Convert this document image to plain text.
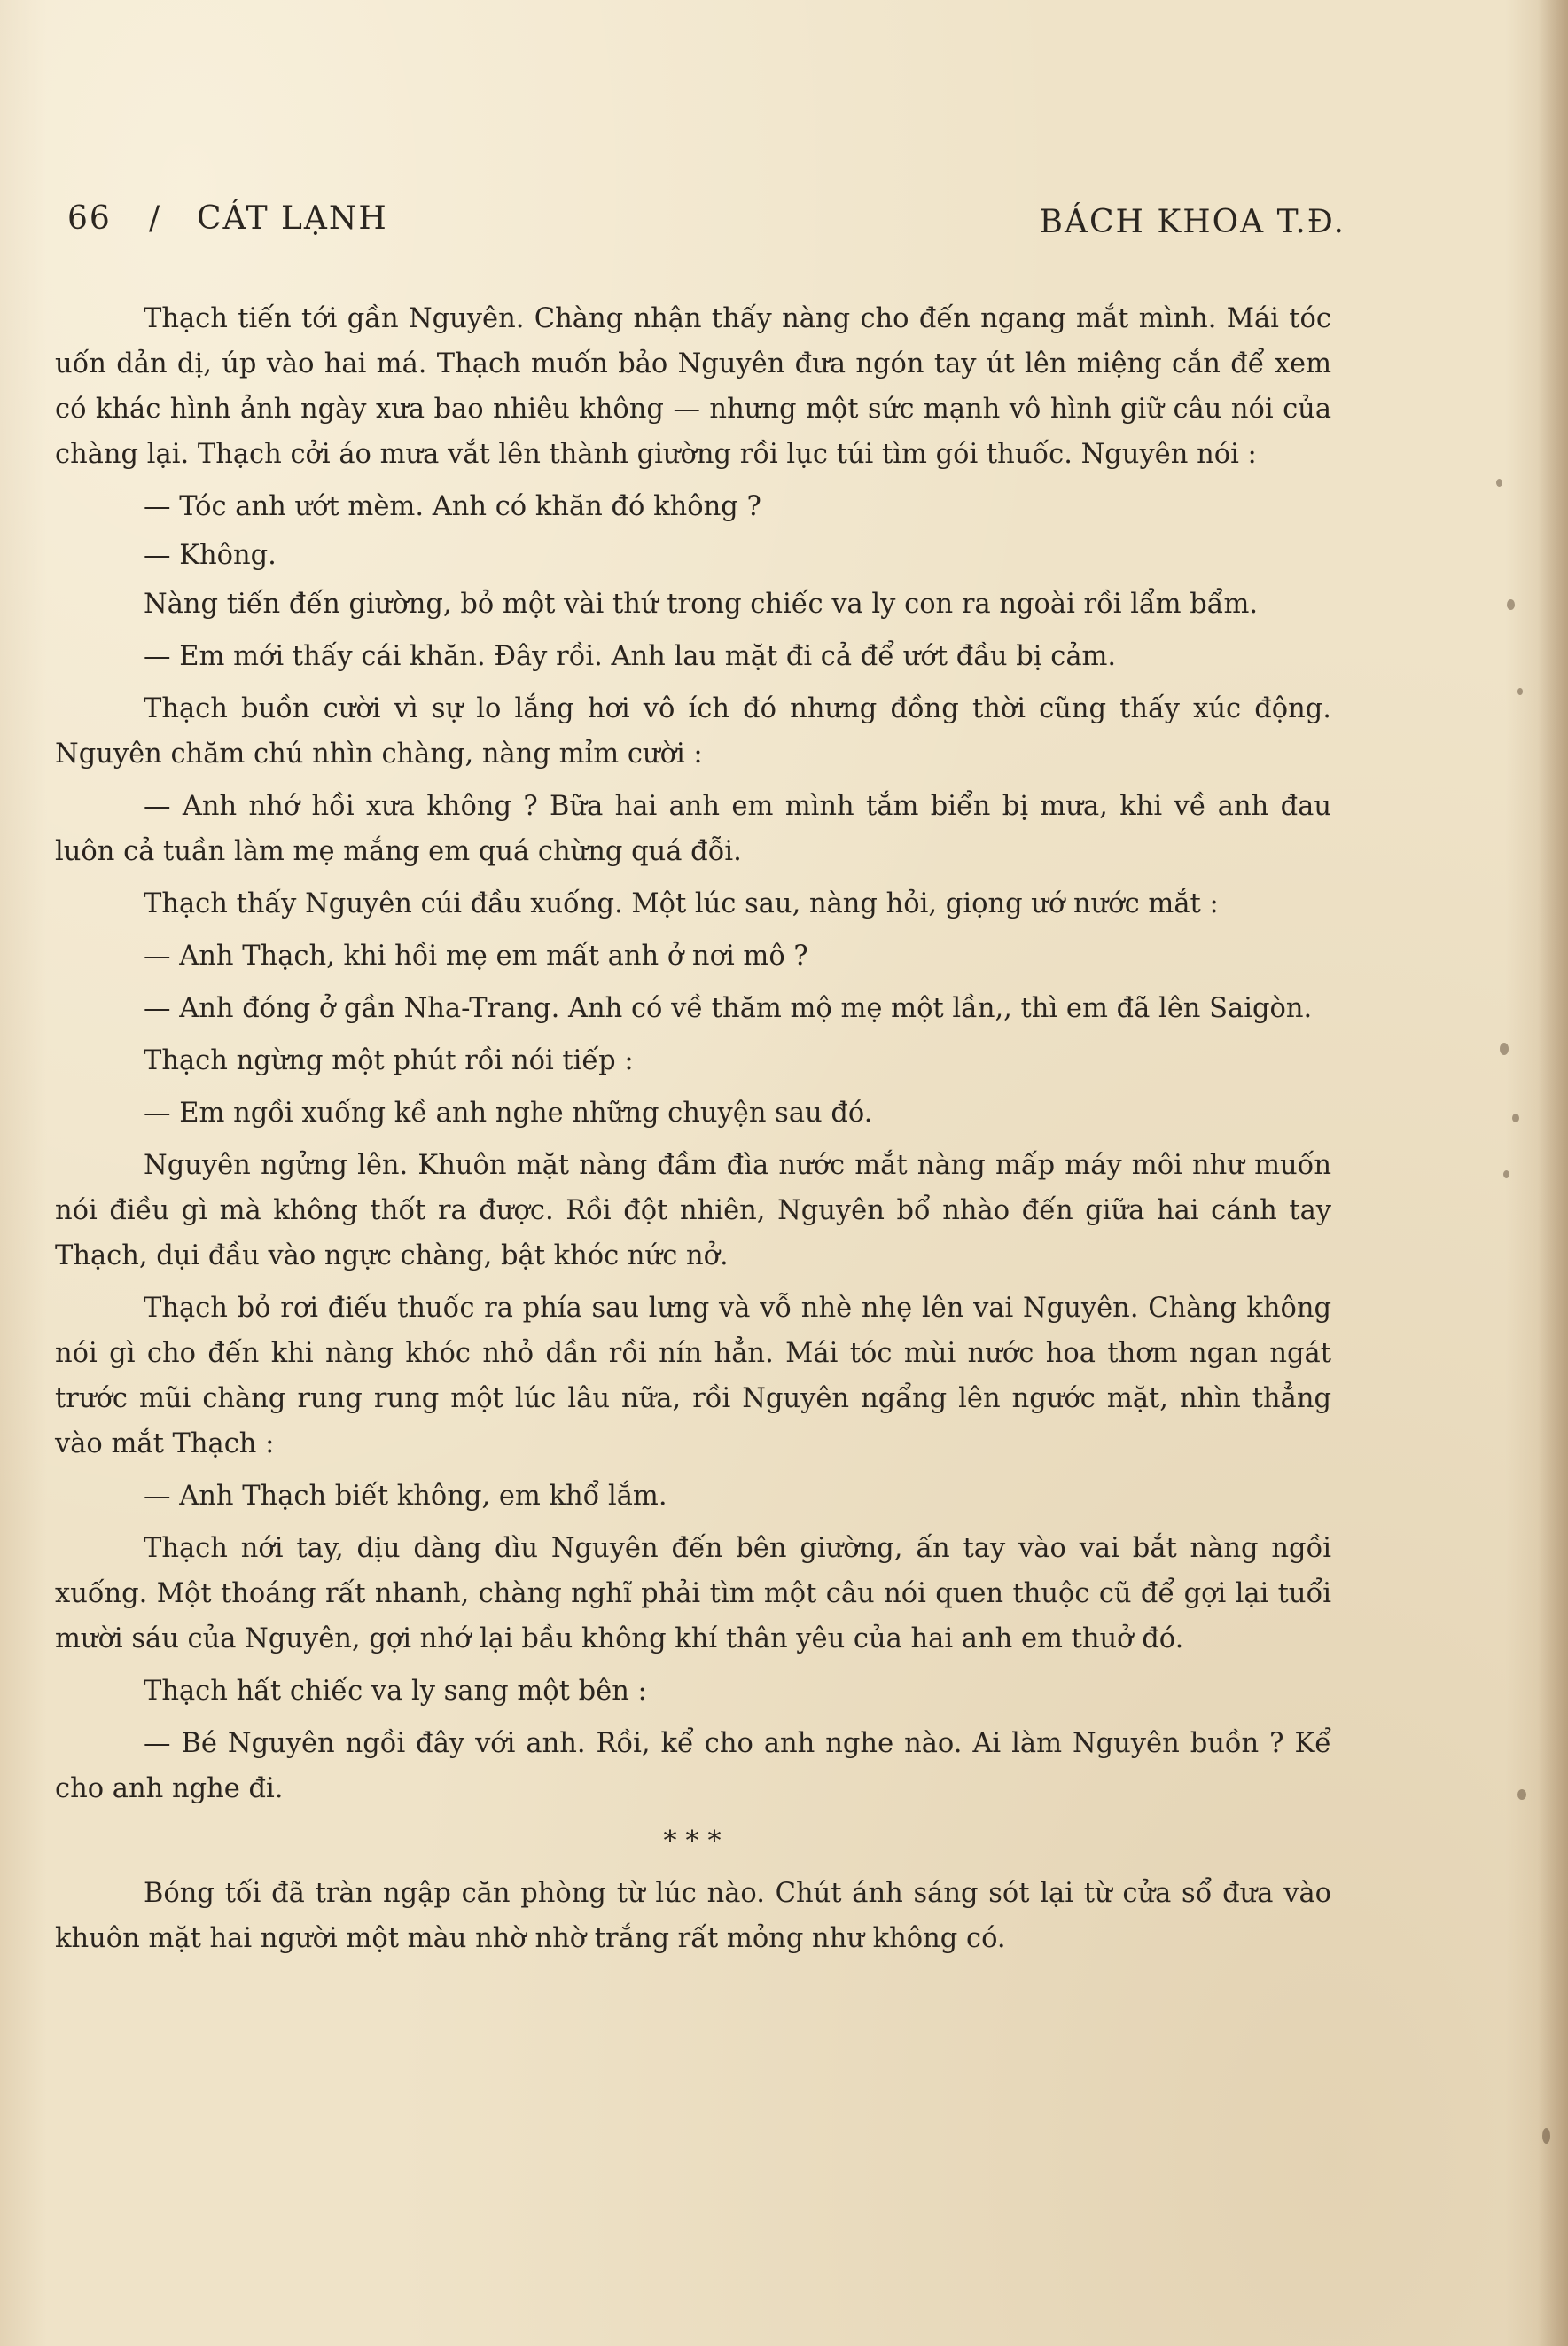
66 / CÁT LẠNH	BÁCH KHOA T.Đ.

Thạch tiến tới gần Nguyên. Chàng nhận thấy nàng cho đến ngang mắt mình. Mái tóc uốn dản dị, úp vào hai má. Thạch muốn bảo Nguyên đưa ngón tay út lên miệng cắn để xem có khác hình ảnh ngày xưa bao nhiêu không — nhưng một sức mạnh vô hình giữ câu nói của chàng lại. Thạch cởi áo mưa vắt lên thành giường rồi lục túi tìm gói thuốc. Nguyên nói :

— Tóc anh ướt mèm. Anh có khăn đó không ?

— Không.

Nàng tiến đến giường, bỏ một vài thứ trong chiếc va ly con ra ngoài rồi lẩm bẩm.

— Em mới thấy cái khăn. Đây rồi. Anh lau mặt đi cả để ướt đầu bị cảm.

Thạch buồn cười vì sự lo lắng hơi vô ích đó nhưng đồng thời cũng thấy xúc động. Nguyên chăm chú nhìn chàng, nàng mỉm cười :

— Anh nhớ hồi xưa không ? Bữa hai anh em mình tắm biển bị mưa, khi về anh đau luôn cả tuần làm mẹ mắng em quá chừng quá đỗi.

Thạch thấy Nguyên cúi đầu xuống. Một lúc sau, nàng hỏi, giọng ướ nước mắt :

— Anh Thạch, khi hồi mẹ em mất anh ở nơi mô ?

— Anh đóng ở gần Nha-Trang. Anh có về thăm mộ mẹ một lần,, thì em đã lên Saigòn.

Thạch ngừng một phút rồi nói tiếp :

— Em ngồi xuống kề anh nghe những chuyện sau đó.

Nguyên ngửng lên. Khuôn mặt nàng đầm đìa nước mắt nàng mấp máy môi như muốn nói điều gì mà không thốt ra được. Rồi đột nhiên, Nguyên bổ nhào đến giữa hai cánh tay Thạch, dụi đầu vào ngực chàng, bật khóc nức nở.

Thạch bỏ rơi điếu thuốc ra phía sau lưng và vỗ nhè nhẹ lên vai Nguyên. Chàng không nói gì cho đến khi nàng khóc nhỏ dần rồi nín hẳn. Mái tóc mùi nước hoa thơm ngan ngát trước mũi chàng rung rung một lúc lâu nữa, rồi Nguyên ngẩng lên ngước mặt, nhìn thẳng vào mắt Thạch :

— Anh Thạch biết không, em khổ lắm.

Thạch nới tay, dịu dàng dìu Nguyên đến bên giường, ấn tay vào vai bắt nàng ngồi xuống. Một thoáng rất nhanh, chàng nghĩ phải tìm một câu nói quen thuộc cũ để gợi lại tuổi mười sáu của Nguyên, gợi nhớ lại bầu không khí thân yêu của hai anh em thuở đó.

Thạch hất chiếc va ly sang một bên :

— Bé Nguyên ngồi đây với anh. Rồi, kể cho anh nghe nào. Ai làm Nguyên buồn ? Kể cho anh nghe đi.

* * *

Bóng tối đã tràn ngập căn phòng từ lúc nào. Chút ánh sáng sót lại từ cửa sổ đưa vào khuôn mặt hai người một màu nhờ nhờ trắng rất mỏng như không có.
